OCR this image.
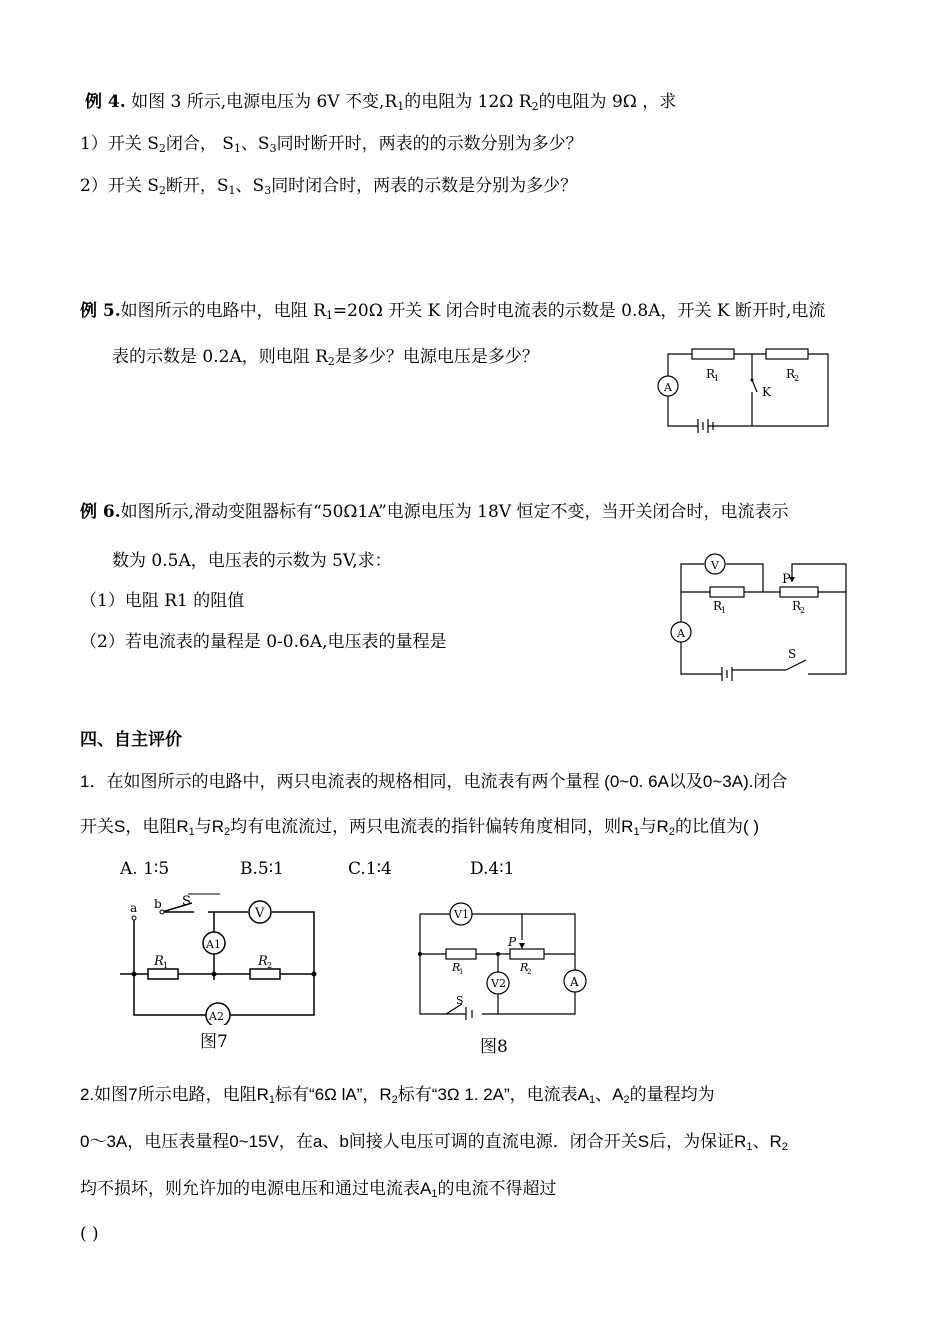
例 4. 如图 3 所示,电源电压为 6V 不变$,R_1$的电阻为 12Ω $R_2$的电阻为 9Ω ，求
1）开关 $S_2$闭合， $S_1$、$S_3$同时断开时，两表的的示数分别为多少？
2）开关 $S_2$断开，$S_1$、$S_3$同时闭合时，两表的示数是分别为多少？
例 5.如图所示的电路中，电阻 $R_1=20\Omega$ 开关 K 闭合时电流表的示数是 0.8A，开关 K 断开时,电流
表的示数是 0.2A，则电阻 $R_2$是多少？电源电压是多少？
A
R
1	R
2
K
例 6.如图所示,滑动变阻器标有“50Ω1A”电源电压为 18V 恒定不变，当开关闭合时，电流表示
数为 0.5A，电压表的示数为 5V,求：
（1）电阻 R1 的阻值
（2）若电流表的量程是 0-0.6A,电压表的量程是
V
A
P
R
1	R
2
S
四、自主评价
1．在如图所示的电路中，两只电流表的规格相同，电流表有两个量程 (0~0. 6A以及0~3A).闭合
开关S，电阻$R_1$与$R_2$均有电流流过，两只电流表的指针偏转角度相同，则$R_1$与$R_2$的比值为( )
A. 1∶5	B.5∶1	C.1∶4	D.4∶1
a b S
V
A1
A2
R 1	R 2
图7
V1
V2	A
P
R
1	R
2
S
图8
2.如图7所示电路，电阻$R_1$标有“6Ω lA”，$R_2$标有“3Ω 1. 2A”，电流表$A_1$、$A_2$的量程均为
0～3A，电压表量程0~15V，在a、b间接人电压可调的直流电源．闭合开关S后，为保证$R_1$、$R_2$
均不损坏，则允许加的电源电压和通过电流表$A_1$的电流不得超过
( )
